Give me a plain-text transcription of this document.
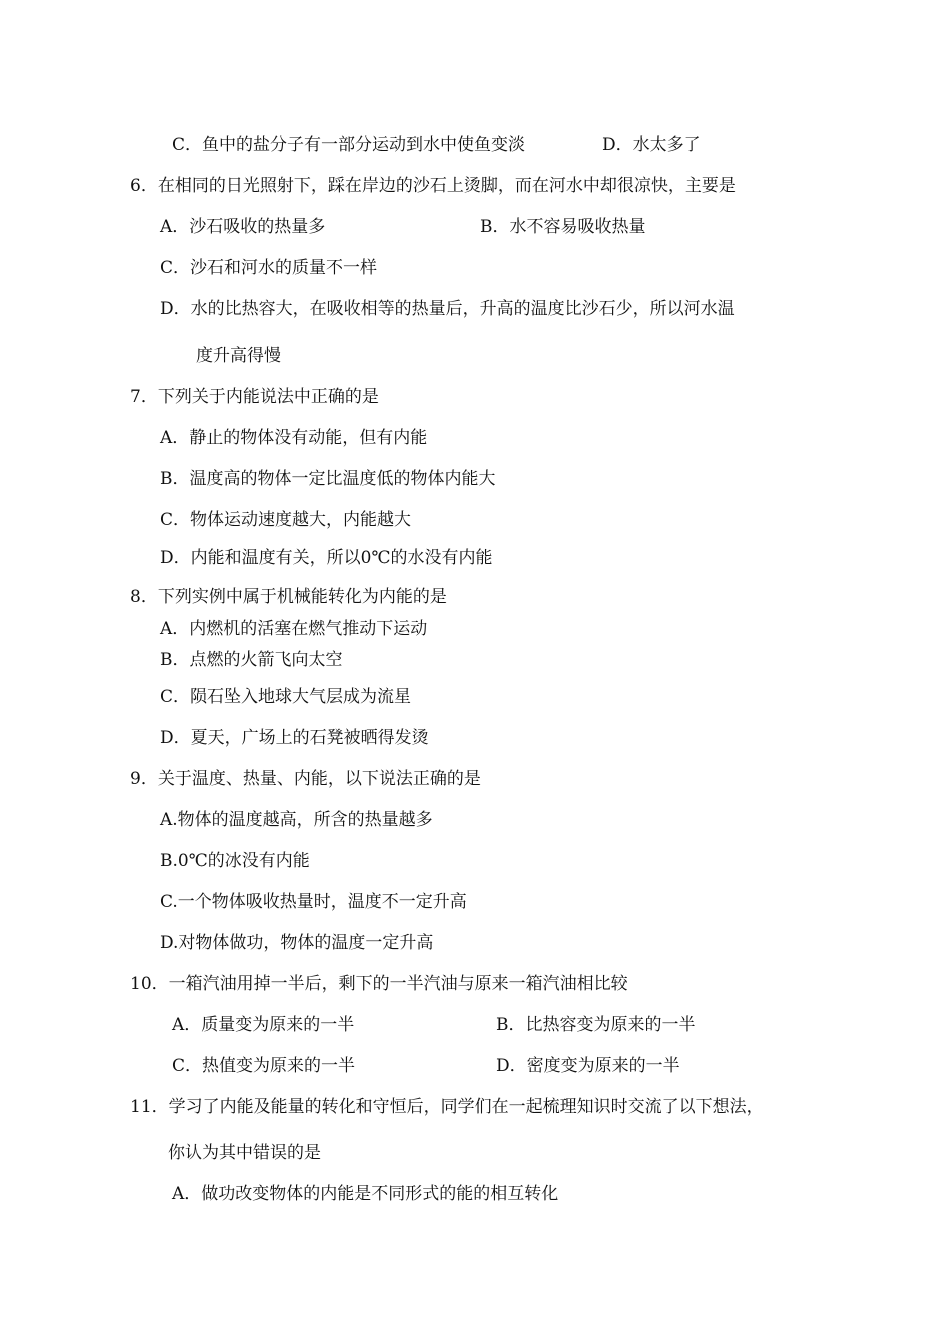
C．鱼中的盐分子有一部分运动到水中使鱼变淡	D．水太多了
6．在相同的日光照射下，踩在岸边的沙石上烫脚，而在河水中却很凉快，主要是
A．沙石吸收的热量多	B．水不容易吸收热量
C．沙石和河水的质量不一样
D．水的比热容大，在吸收相等的热量后，升高的温度比沙石少，所以河水温
度升高得慢
7．下列关于内能说法中正确的是
A．静止的物体没有动能，但有内能
B．温度高的物体一定比温度低的物体内能大
C．物体运动速度越大，内能越大
D．内能和温度有关，所以0℃的水没有内能
8．下列实例中属于机械能转化为内能的是
A．内燃机的活塞在燃气推动下运动
B．点燃的火箭飞向太空
C．陨石坠入地球大气层成为流星
D．夏天，广场上的石凳被晒得发烫
9．关于温度、热量、内能，以下说法正确的是
A.物体的温度越高，所含的热量越多
B.0℃的冰没有内能
C.一个物体吸收热量时，温度不一定升高
D.对物体做功，物体的温度一定升高
10．一箱汽油用掉一半后，剩下的一半汽油与原来一箱汽油相比较
A．质量变为原来的一半	B．比热容变为原来的一半
C．热值变为原来的一半	D．密度变为原来的一半
11．学习了内能及能量的转化和守恒后，同学们在一起梳理知识时交流了以下想法，
你认为其中错误的是
A．做功改变物体的内能是不同形式的能的相互转化
